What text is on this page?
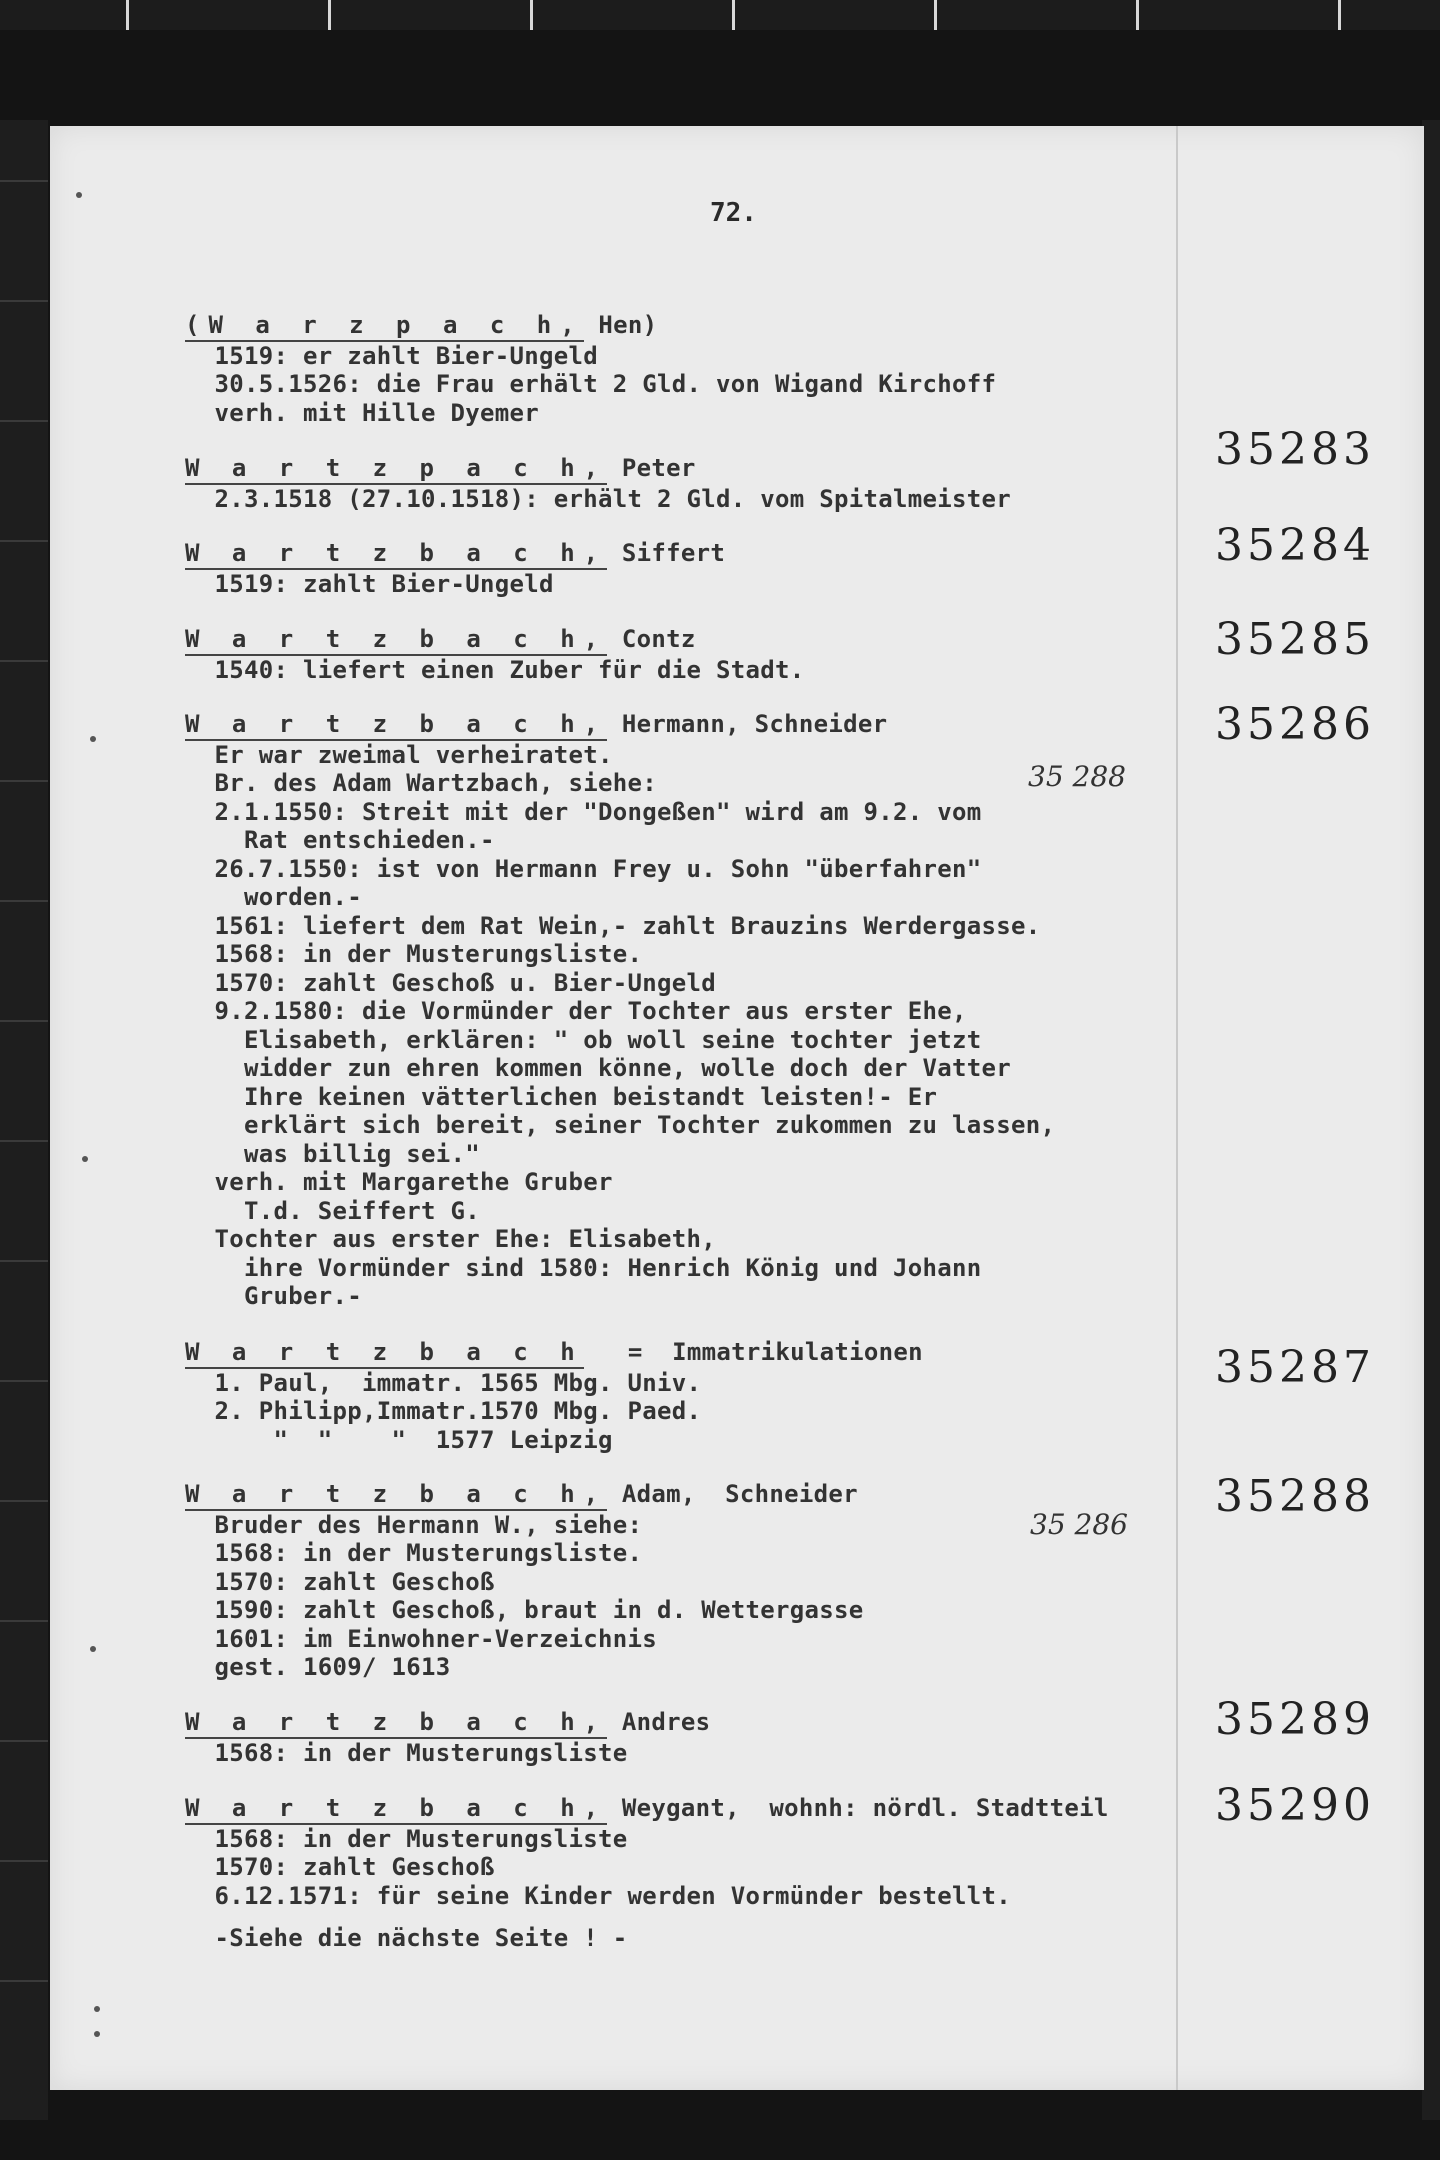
72.
(W a r z p a c h, Hen)
1519: er zahlt Bier-Ungeld
30.5.1526: die Frau erhält 2 Gld. von Wigand Kirchoff
verh. mit Hille Dyemer
W a r t z p a c h, Peter
2.3.1518 (27.10.1518): erhält 2 Gld. vom Spitalmeister
35283
W a r t z b a c h, Siffert
1519: zahlt Bier-Ungeld
35284
W a r t z b a c h, Contz
1540: liefert einen Zuber für die Stadt.
35285
W a r t z b a c h, Hermann, Schneider
Er war zweimal verheiratet.
Br. des Adam Wartzbach, siehe:
2.1.1550: Streit mit der "Dongeßen" wird am 9.2. vom
Rat entschieden.-
26.7.1550: ist von Hermann Frey u. Sohn "überfahren"
worden.-
1561: liefert dem Rat Wein,- zahlt Brauzins Werdergasse.
1568: in der Musterungsliste.
1570: zahlt Geschoß u. Bier-Ungeld
9.2.1580: die Vormünder der Tochter aus erster Ehe,
Elisabeth, erklären: " ob woll seine tochter jetzt
widder zun ehren kommen könne, wolle doch der Vatter
Ihre keinen vätterlichen beistandt leisten!- Er
erklärt sich bereit, seiner Tochter zukommen zu lassen,
was billig sei."
verh. mit Margarethe Gruber
T.d. Seiffert G.
Tochter aus erster Ehe: Elisabeth,
ihre Vormünder sind 1580: Henrich König und Johann
Gruber.-
35286
35 288
W a r t z b a c h   =  Immatrikulationen
1. Paul,  immatr. 1565 Mbg. Univ.
2. Philipp,Immatr.1570 Mbg. Paed.
"  "    "  1577 Leipzig
35287
W a r t z b a c h, Adam,  Schneider
Bruder des Hermann W., siehe:
1568: in der Musterungsliste.
1570: zahlt Geschoß
1590: zahlt Geschoß, braut in d. Wettergasse
1601: im Einwohner-Verzeichnis
gest. 1609/ 1613
35288
35 286
W a r t z b a c h, Andres
1568: in der Musterungsliste
35289
W a r t z b a c h, Weygant,  wohnh: nördl. Stadtteil
1568: in der Musterungsliste
1570: zahlt Geschoß
6.12.1571: für seine Kinder werden Vormünder bestellt.
-Siehe die nächste Seite ! -
35290
